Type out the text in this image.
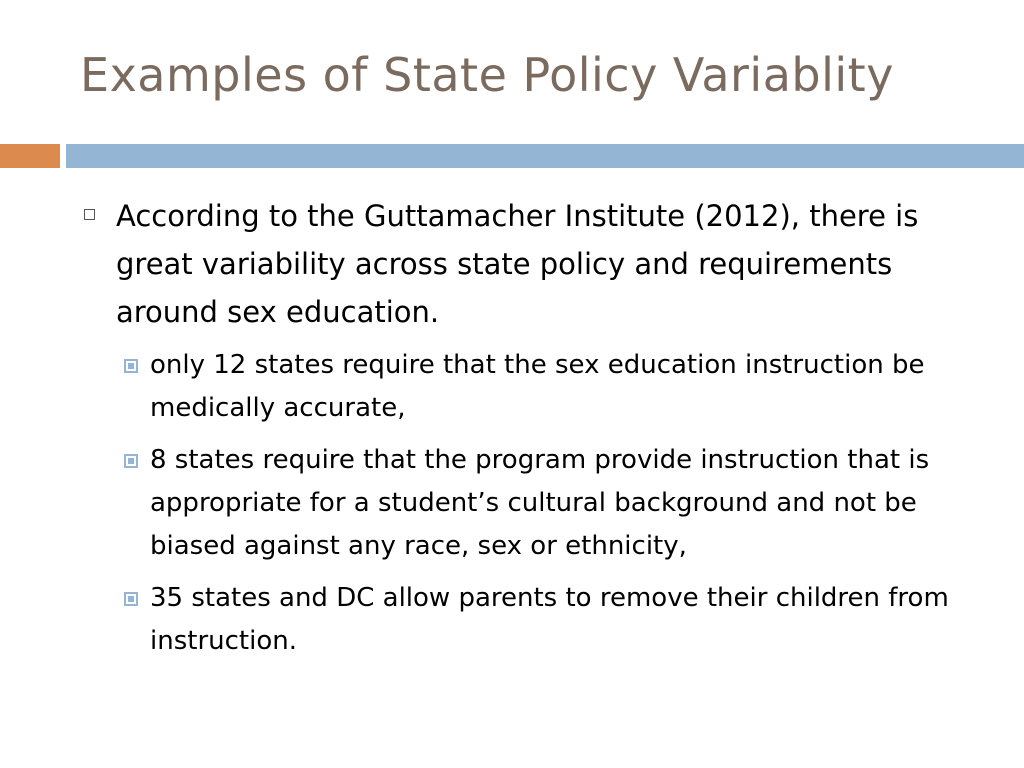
Examples of State Policy Variablity
According to the Guttamacher Institute (2012), there is great variability across state policy and requirements around sex education.
only 12 states require that the sex education instruction be medically accurate,
8 states require that the program provide instruction that is appropriate for a student’s cultural background and not be biased against any race, sex or ethnicity,
35 states and DC allow parents to remove their children from instruction.
